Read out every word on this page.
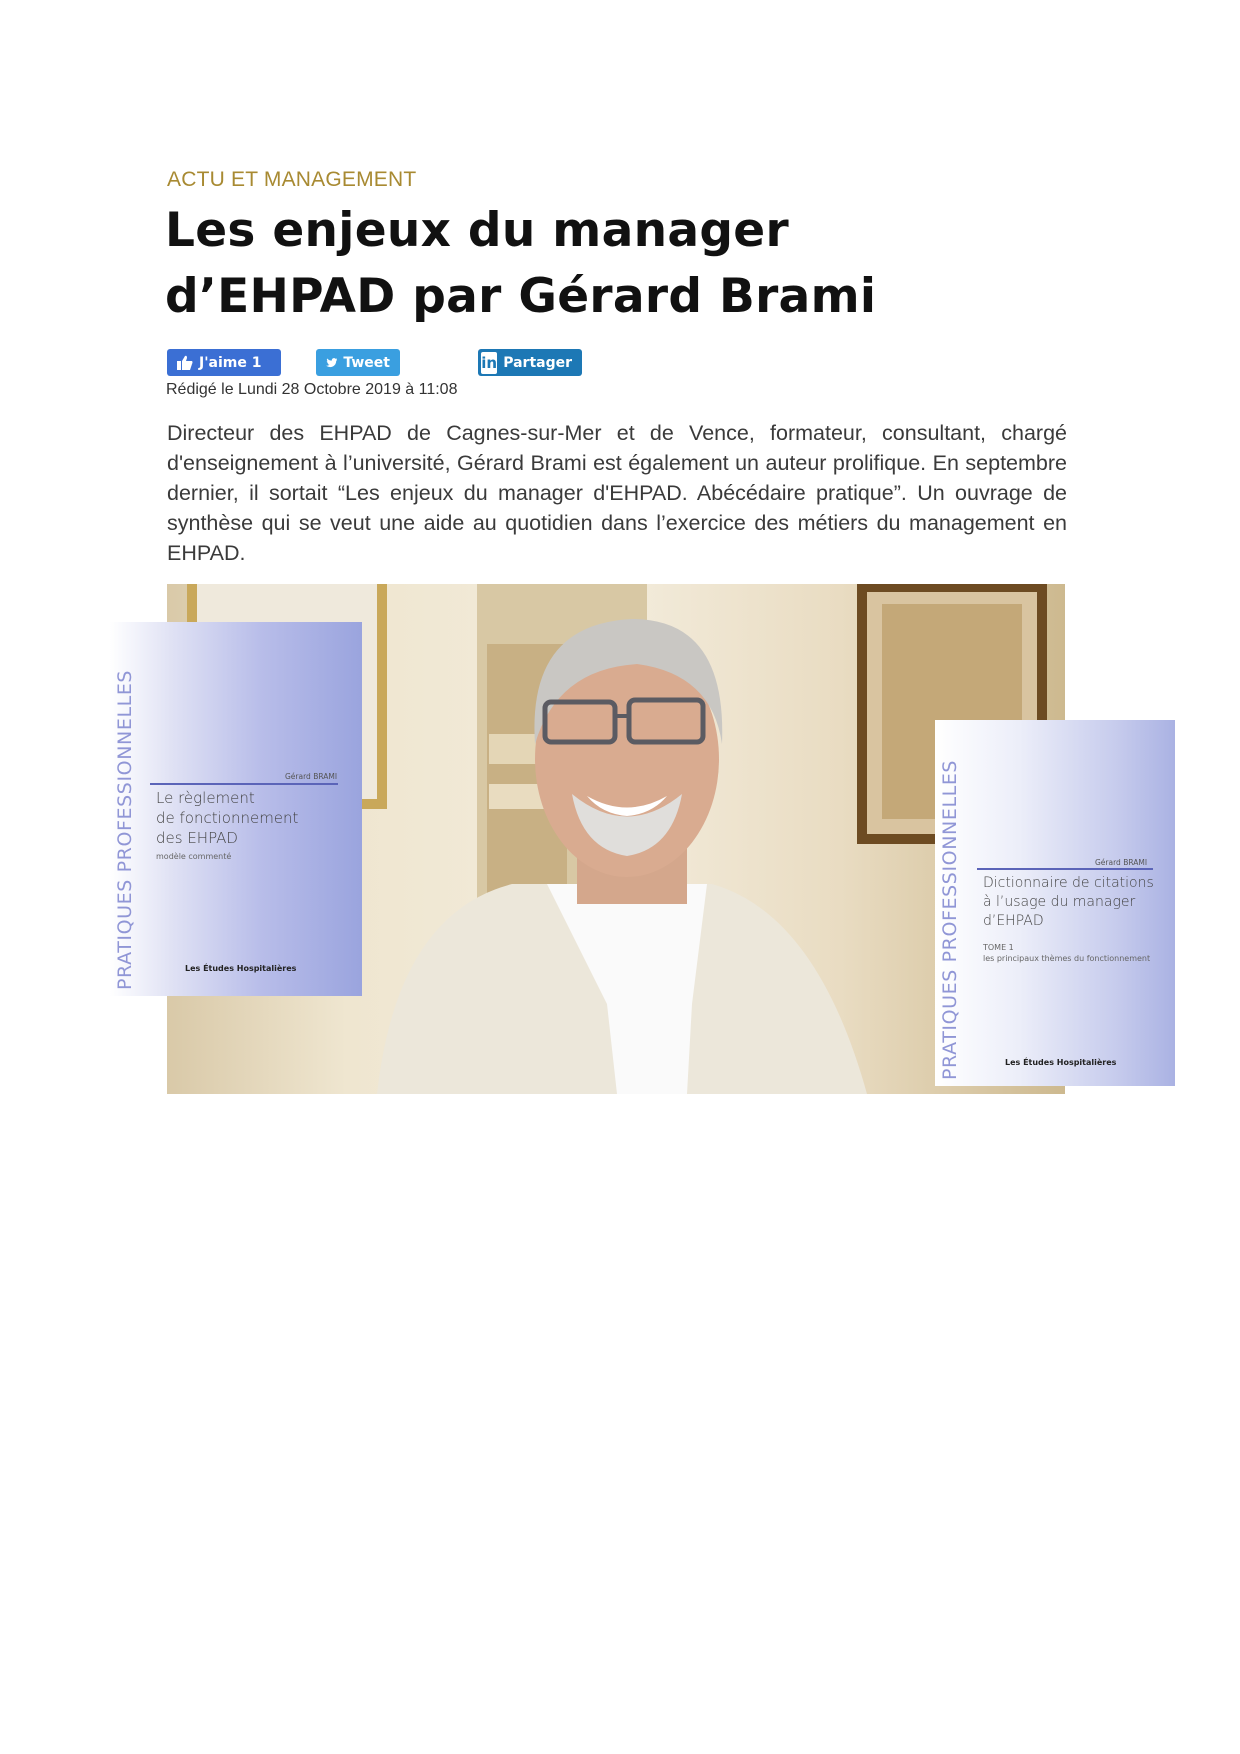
ACTU ET MANAGEMENT
Les enjeux du manager
d’EHPAD par Gérard Brami
J'aime 1	Tweet	in Partager
Rédigé le Lundi 28 Octobre 2019 à 11:08

Directeur des EHPAD de Cagnes-sur-Mer et de Vence, formateur, consultant, chargé d'enseignement à l’université, Gérard Brami est également un auteur prolifique. En septembre dernier, il sortait “Les enjeux du manager d'EHPAD. Abécédaire pratique”. Un ouvrage de synthèse qui se veut une aide au quotidien dans l’exercice des métiers du management en EHPAD.

PRATIQUES PROFESSIONNELLES	Gérard BRAMI
Le règlement
de fonctionnement
des EHPAD
modèle commenté
Les Études Hospitalières	PRATIQUES PROFESSIONNELLES	Gérard BRAMI
Dictionnaire de citations
à l’usage du manager
d’EHPAD
TOME 1
les principaux thèmes du fonctionnement
Les Études Hospitalières
